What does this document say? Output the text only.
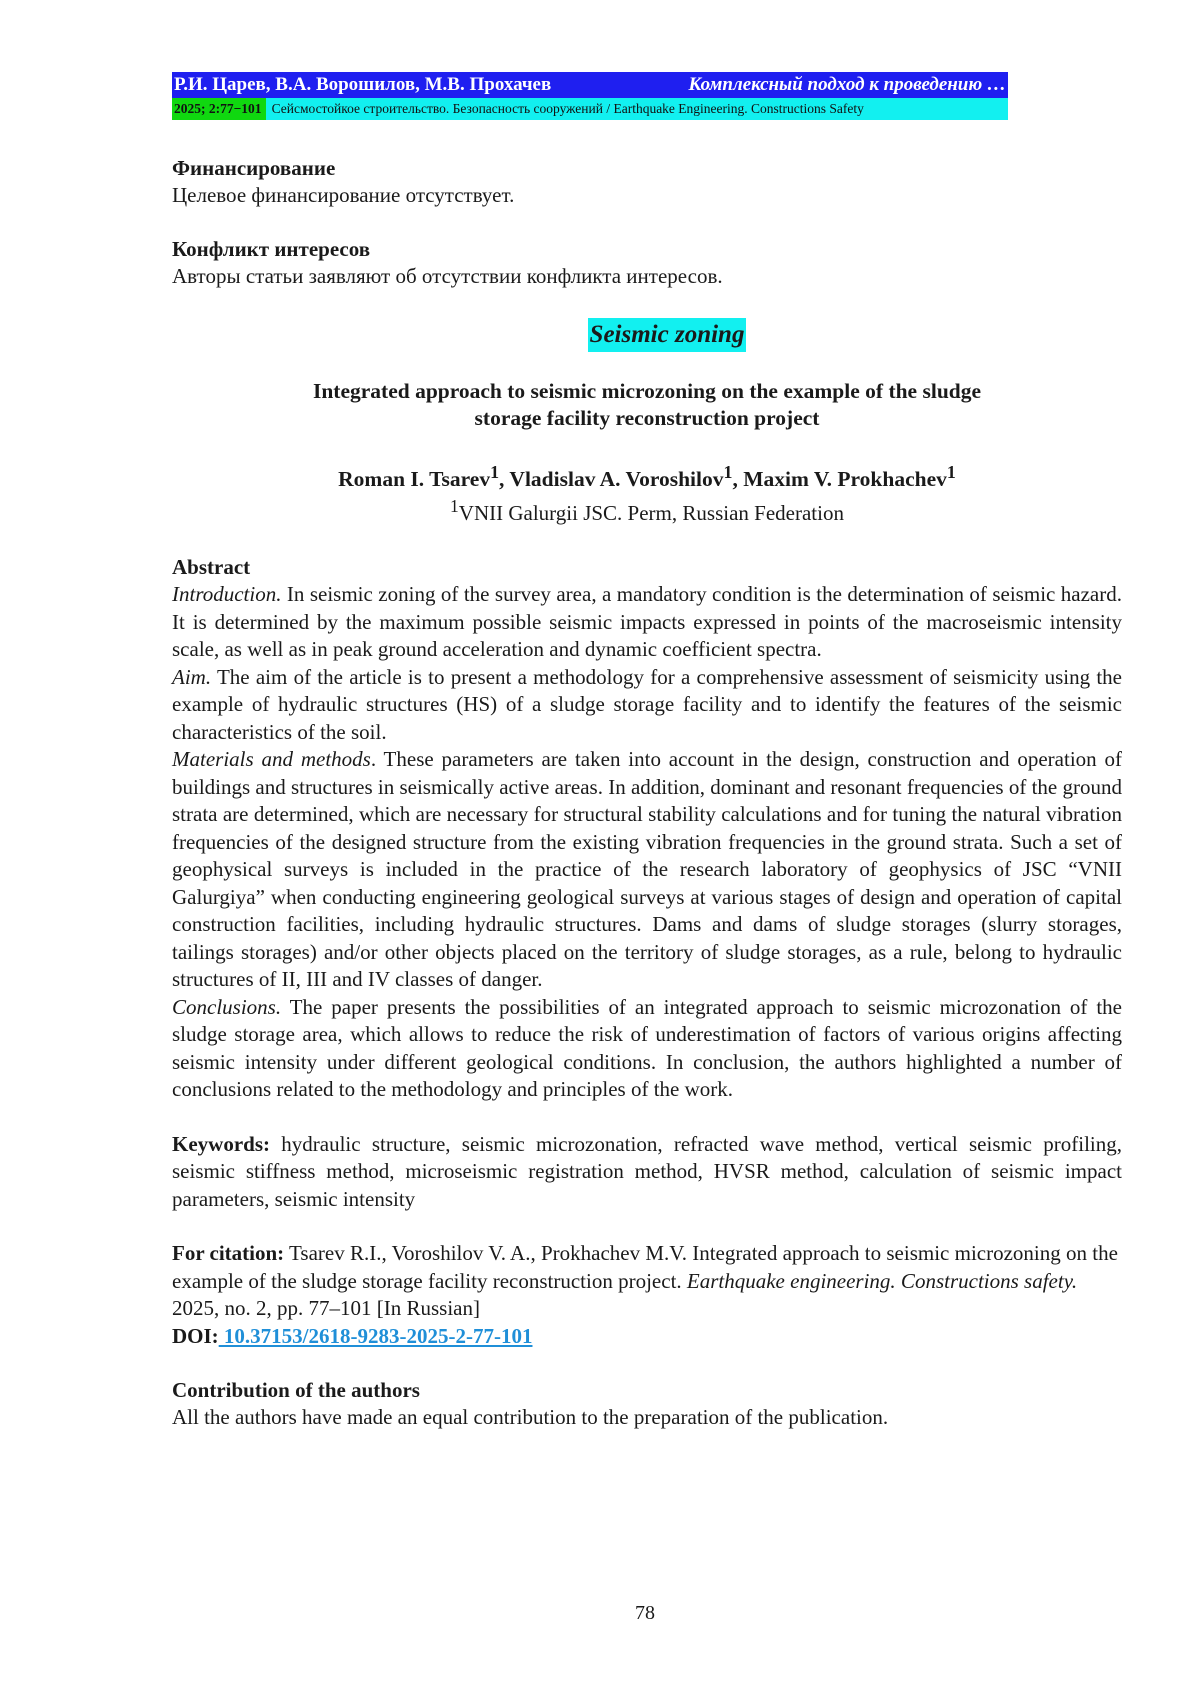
Р.И. Царев, В.А. Ворошилов, М.В. Прохачев	Комплексный подход к проведению …
2025; 2:77−101 Сейсмостойкое строительство. Безопасность сооружений / Earthquake Engineering. Constructions Safety

Финансирование

Целевое финансирование отсутствует.

Конфликт интересов

Авторы статьи заявляют об отсутствии конфликта интересов.

Seismic zoning
Integrated approach to seismic microzoning on the example of the sludge
storage facility reconstruction project
Roman I. Tsarev$^1$, Vladislav A. Voroshilov$^1$, Maxim V. Prokhachev$^1$

$^1$VNII Galurgii JSC. Perm, Russian Federation

Abstract

Introduction. In seismic zoning of the survey area, a mandatory condition is the determination of seismic hazard. It is determined by the maximum possible seismic impacts expressed in points of the macroseismic intensity scale, as well as in peak ground acceleration and dynamic coefficient spectra.

Aim. The aim of the article is to present a methodology for a comprehensive assessment of seismicity using the example of hydraulic structures (HS) of a sludge storage facility and to identify the features of the seismic characteristics of the soil.

Materials and methods. These parameters are taken into account in the design, construction and operation of buildings and structures in seismically active areas. In addition, dominant and resonant frequencies of the ground strata are determined, which are necessary for structural stability calculations and for tuning the natural vibration frequencies of the designed structure from the existing vibration frequencies in the ground strata. Such a set of geophysical surveys is included in the practice of the research laboratory of geophysics of JSC “VNII Galurgiya” when conducting engineering geological surveys at various stages of design and operation of capital construction facilities, including hydraulic structures. Dams and dams of sludge storages (slurry storages, tailings storages) and/or other objects placed on the territory of sludge storages, as a rule, belong to hydraulic structures of II, III and IV classes of danger.

Conclusions. The paper presents the possibilities of an integrated approach to seismic microzonation of the sludge storage area, which allows to reduce the risk of underestimation of factors of various origins affecting seismic intensity under different geological conditions. In conclusion, the authors highlighted a number of conclusions related to the methodology and principles of the work.

Keywords: hydraulic structure, seismic microzonation, refracted wave method, vertical seismic profiling, seismic stiffness method, microseismic registration method, HVSR method, calculation of seismic impact parameters, seismic intensity

For citation: Tsarev R.I., Voroshilov V. A., Prokhachev M.V. Integrated approach to seismic microzoning on the example of the sludge storage facility reconstruction project. Earthquake engineering. Constructions safety. 2025, no. 2, pp. 77–101 [In Russian]

DOI: 10.37153/2618-9283-2025-2-77-101

Contribution of the authors

All the authors have made an equal contribution to the preparation of the publication.

78
